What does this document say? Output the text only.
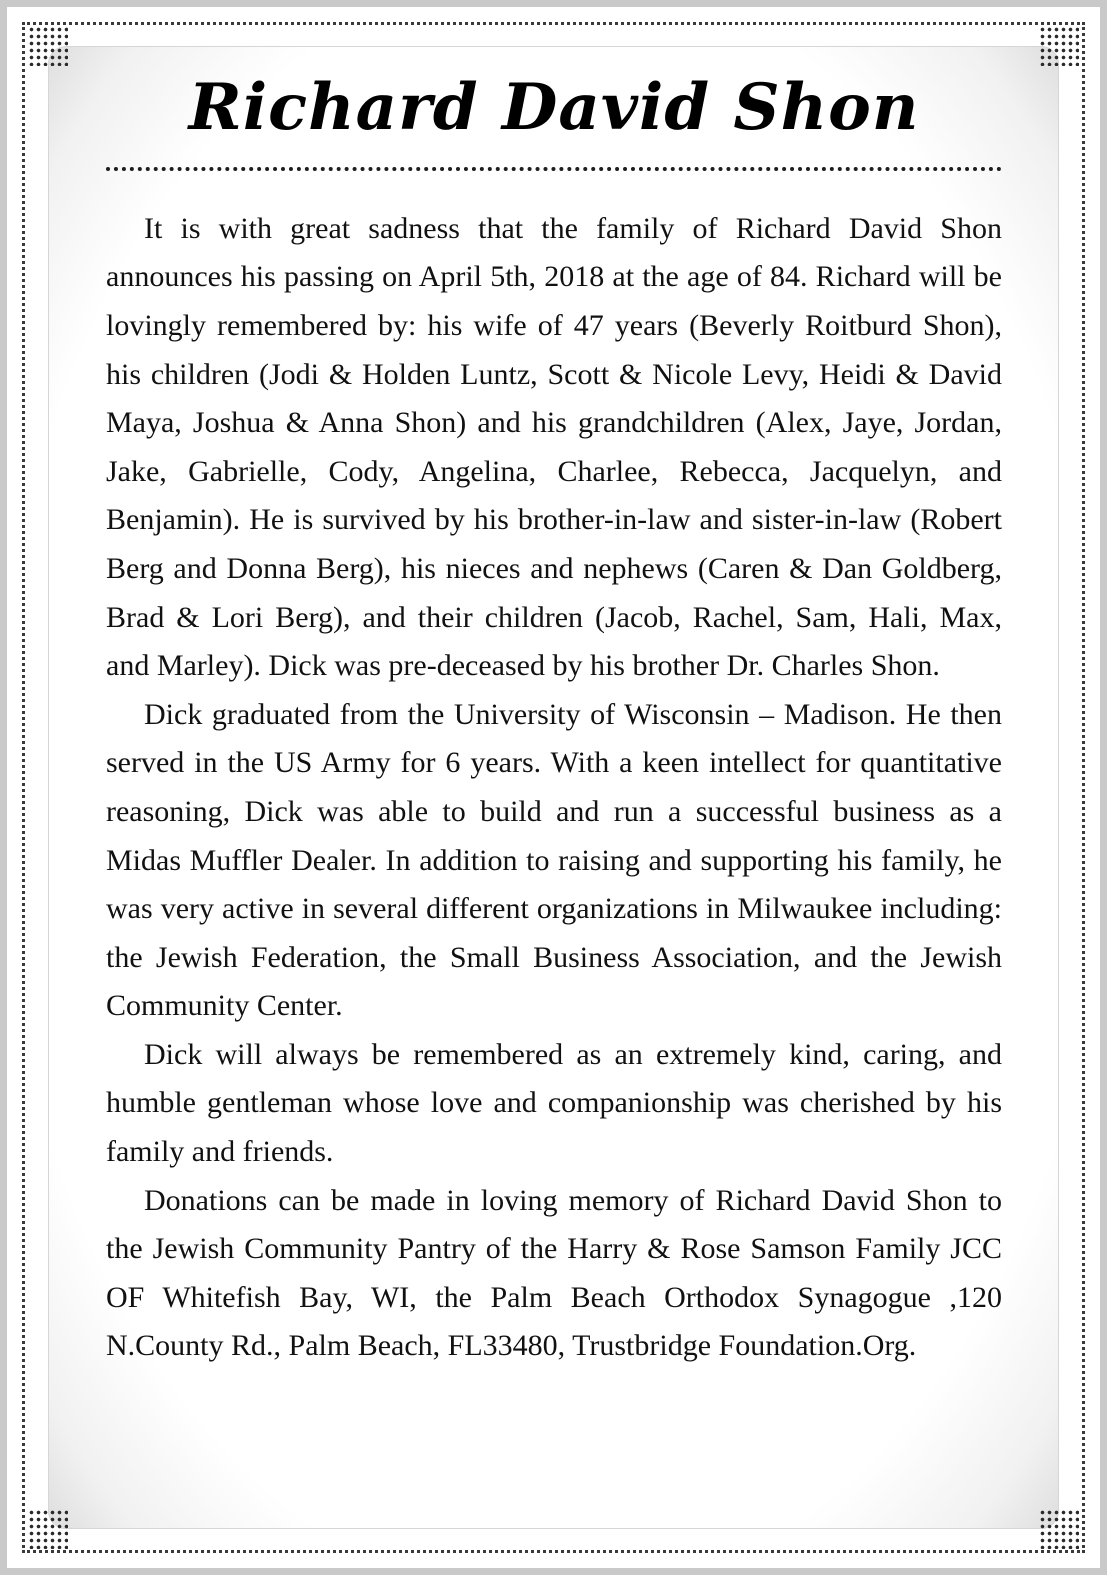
Richard David Shon

It is with great sadness that the family of Richard David Shon announces his passing on April 5th, 2018 at the age of 84. Richard will be lovingly remembered by: his wife of 47 years (Beverly Roitburd Shon), his children (Jodi & Holden Luntz, Scott & Nicole Levy, Heidi & David Maya, Joshua & Anna Shon) and his grandchildren (Alex, Jaye, Jordan, Jake, Gabrielle, Cody, Angelina, Charlee, Rebecca, Jacquelyn, and Benjamin). He is survived by his brother-in-law and sister-in-law (Robert Berg and Donna Berg), his nieces and nephews (Caren & Dan Goldberg, Brad & Lori Berg), and their children (Jacob, Rachel, Sam, Hali, Max, and Marley). Dick was pre-deceased by his brother Dr. Charles Shon.

Dick graduated from the University of Wisconsin – Madison. He then served in the US Army for 6 years. With a keen intellect for quantitative reasoning, Dick was able to build and run a successful business as a Midas Muffler Dealer. In addition to raising and supporting his family, he was very active in several different organizations in Milwaukee including: the Jewish Federation, the Small Business Association, and the Jewish Community Center.

Dick will always be remembered as an extremely kind, caring, and humble gentleman whose love and companionship was cherished by his family and friends.

Donations can be made in loving memory of Richard David Shon to the Jewish Community Pantry of the Harry & Rose Samson Family JCC OF Whitefish Bay, WI, the Palm Beach Orthodox Synagogue ,120 N.County Rd., Palm Beach, FL33480, Trustbridge Foundation.Org.
